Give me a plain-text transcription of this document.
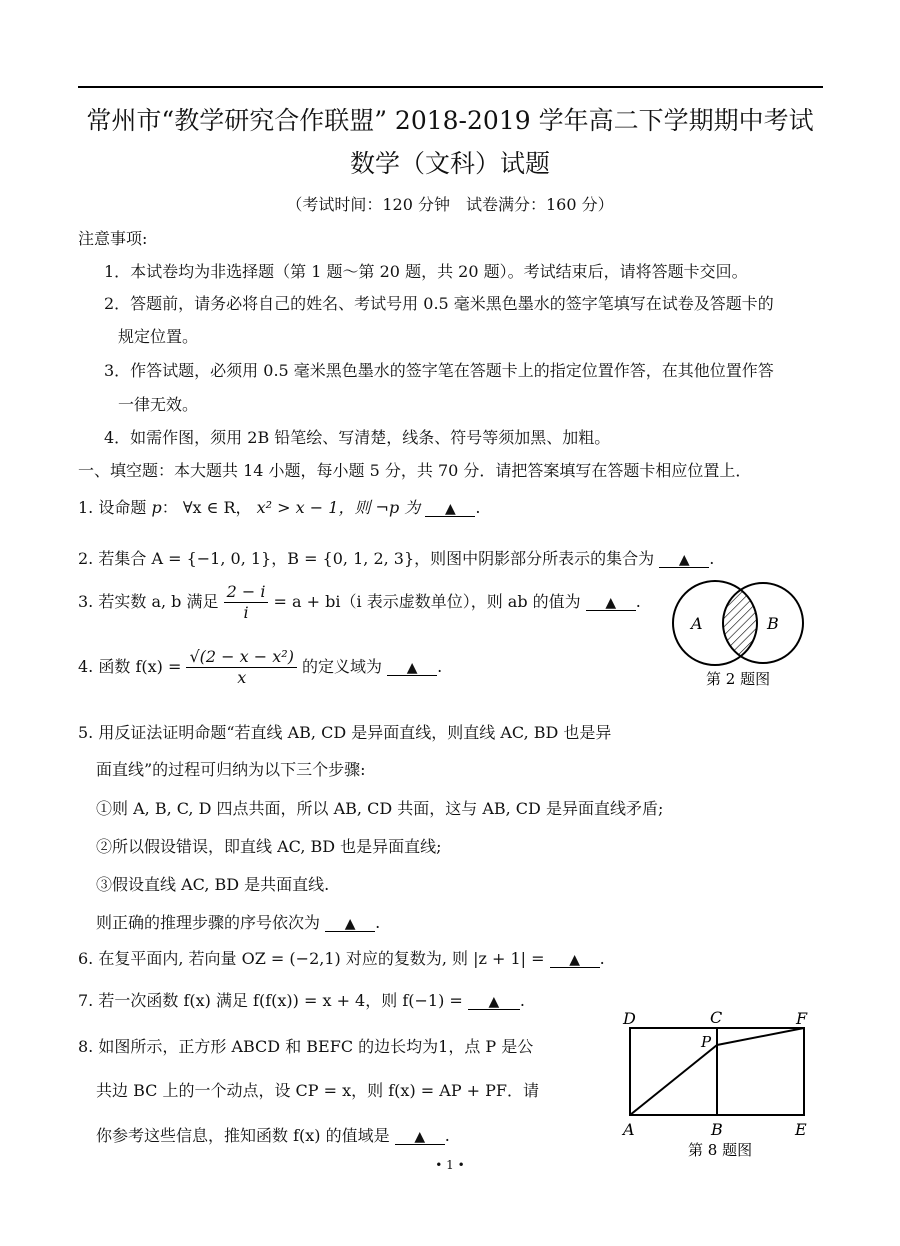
常州市“教学研究合作联盟” 2018-2019 学年高二下学期期中考试
数学（文科）试题
（考试时间：120 分钟　试卷满分：160 分）
注意事项:
1．本试卷均为非选择题（第 1 题～第 20 题，共 20 题）。考试结束后，请将答题卡交回。
2．答题前，请务必将自己的姓名、考试号用 0.5 毫米黑色墨水的签字笔填写在试卷及答题卡的
规定位置。
3．作答试题，必须用 0.5 毫米黑色墨水的签字笔在答题卡上的指定位置作答，在其他位置作答
一律无效。
4．如需作图，须用 2B 铅笔绘、写清楚，线条、符号等须加黑、加粗。
一、填空题：本大题共 14 小题，每小题 5 分，共 70 分．请把答案填写在答题卡相应位置上．
1. 设命题 p： ∀x ∈ R， x² > x − 1，则 ¬p 为 ▲ .
2. 若集合 A = {−1, 0, 1}，B = {0, 1, 2, 3}，则图中阴影部分所表示的集合为 ▲ .
3. 若实数 a, b 满足 $\frac{2 - i}{i} = a + bi(i$ 表示虚数单位），则 ab 的值为 ▲ .
4. 函数 $f(x) = \frac{\text{√(2 − x − x²)}}{x}$ 的定义域为 ▲ .
A	B
第 2 题图
5. 用反证法证明命题“若直线 AB, CD 是异面直线，则直线 AC, BD 也是异
面直线”的过程可归纳为以下三个步骤:
①则 A, B, C, D 四点共面，所以 AB, CD 共面，这与 AB, CD 是异面直线矛盾;
②所以假设错误，即直线 AC, BD 也是异面直线;
③假设直线 AC, BD 是共面直线.
则正确的推理步骤的序号依次为 ▲ .
6. 在复平面内, 若向量 OZ = (−2,1) 对应的复数为, 则 |z + 1| = ▲ .
7. 若一次函数 f(x) 满足 f(f(x)) = x + 4，则 f(−1) = ▲ .
8. 如图所示，正方形 ABCD 和 BEFC 的边长均为1，点 P 是公
共边 BC 上的一个动点，设 CP = x，则 f(x) = AP + PF．请
你参考这些信息，推知函数 f(x) 的值域是 ▲ .
D	C	F
P
A	B	E
第 8 题图
• 1 •
